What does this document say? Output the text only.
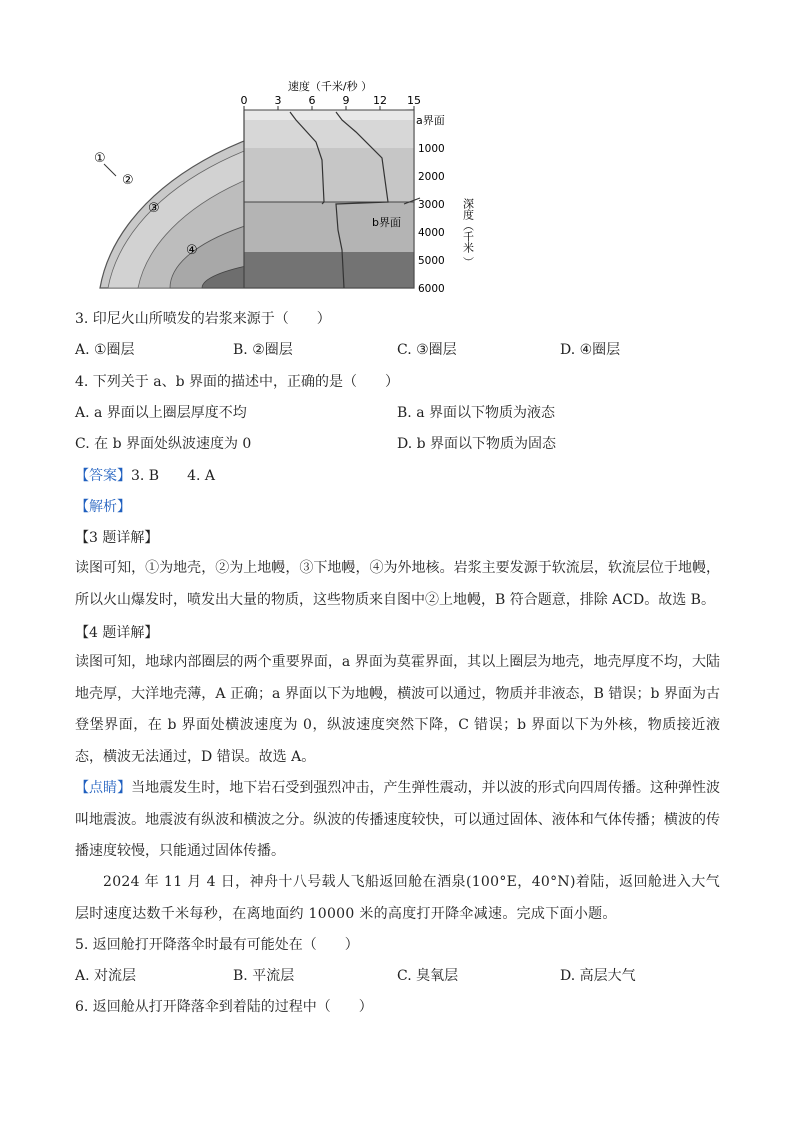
速度（千米/秒 ）
0 3 6 9 12 15
a界面
1000
2000
3000
4000
5000
6000
深度（千米 ）
b界面
①
②
③
④
3. 印尼火山所喷发的岩浆来源于（　　）
A. ①圈层	B. ②圈层	C. ③圈层	D. ④圈层
4. 下列关于 a、b 界面的描述中，正确的是（　　）
A. a 界面以上圈层厚度不均	B. a 界面以下物质为液态
C. 在 b 界面处纵波速度为 0	D. b 界面以下物质为固态
【答案】3. B　　4. A
【解析】
【3 题详解】
读图可知，①为地壳，②为上地幔，③下地幔，④为外地核。岩浆主要发源于软流层，软流层位于地幔，所以火山爆发时，喷发出大量的物质，这些物质来自图中②上地幔，B 符合题意，排除 ACD。故选 B。
【4 题详解】
读图可知，地球内部圈层的两个重要界面，a 界面为莫霍界面，其以上圈层为地壳，地壳厚度不均，大陆地壳厚，大洋地壳薄，A 正确；a 界面以下为地幔，横波可以通过，物质并非液态，B 错误；b 界面为古登堡界面，在 b 界面处横波速度为 0，纵波速度突然下降，C 错误；b 界面以下为外核，物质接近液态，横波无法通过，D 错误。故选 A。
【点睛】当地震发生时，地下岩石受到强烈冲击，产生弹性震动，并以波的形式向四周传播。这种弹性波叫地震波。地震波有纵波和横波之分。纵波的传播速度较快，可以通过固体、液体和气体传播；横波的传播速度较慢，只能通过固体传播。
2024 年 11 月 4 日，神舟十八号载人飞船返回舱在酒泉(100°E，40°N)着陆，返回舱进入大气层时速度达数千米每秒，在离地面约 10000 米的高度打开降伞减速。完成下面小题。
5. 返回舱打开降落伞时最有可能处在（　　）
A. 对流层	B. 平流层	C. 臭氧层	D. 高层大气
6. 返回舱从打开降落伞到着陆的过程中（　　）
